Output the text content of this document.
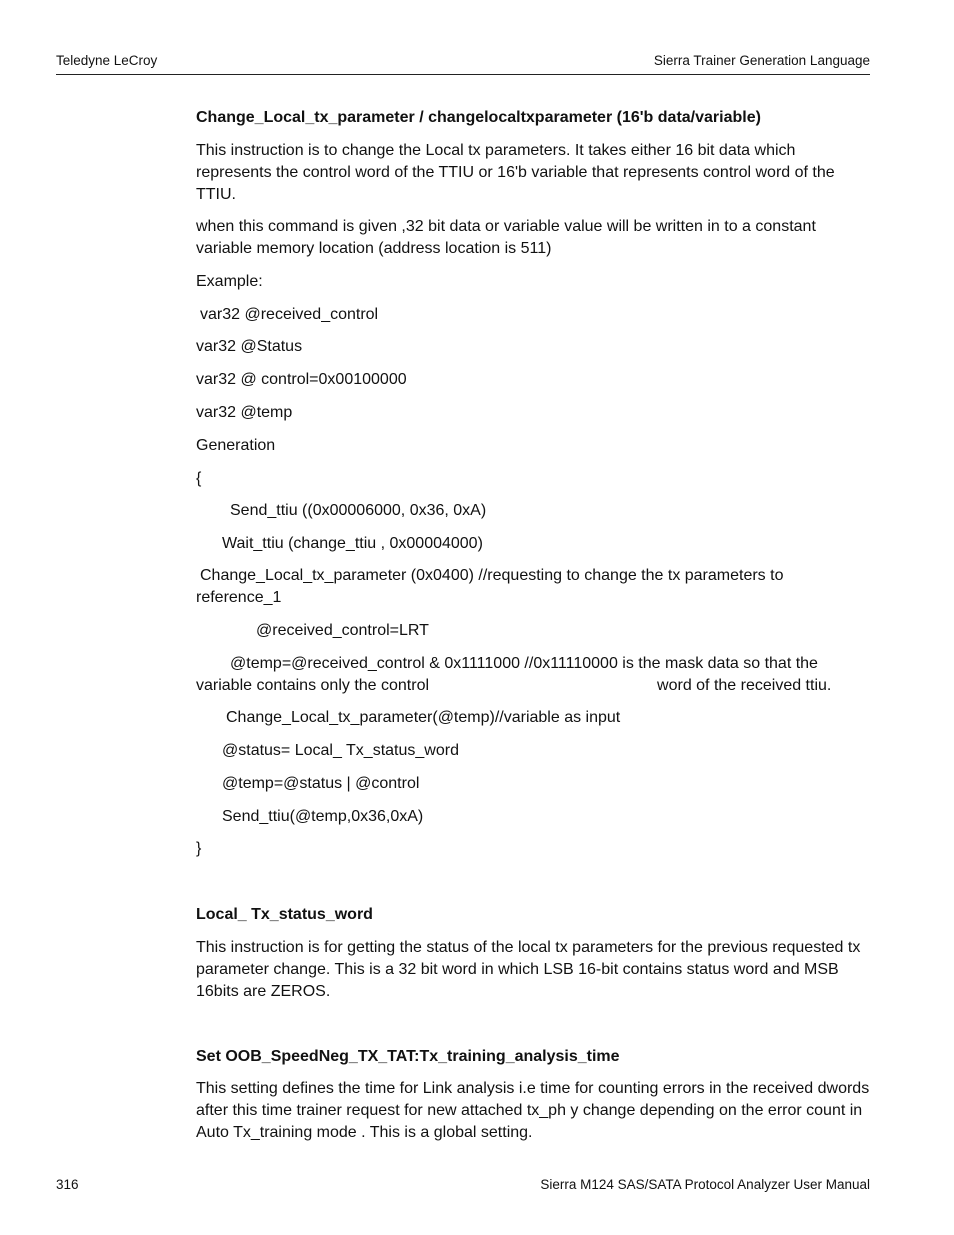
Teledyne LeCroy	Sierra Trainer Generation Language
Change_Local_tx_parameter / changelocaltxparameter (16'b data/variable)
This instruction is to change the Local tx parameters. It takes either 16 bit data which represents the control word of the TTIU or 16'b variable that represents control word of the TTIU.
when this command is given ,32 bit data or variable value will be written in to a constant variable memory location (address location is 511)
Example:
var32 @received_control
var32 @Status
var32 @ control=0x00100000
var32 @temp
Generation
{
Send_ttiu ((0x00006000, 0x36, 0xA)
Wait_ttiu (change_ttiu , 0x00004000)
Change_Local_tx_parameter (0x0400) //requesting to change the tx parameters to reference_1
@received_control=LRT
@temp=@received_control & 0x1111000 //0x11110000 is the mask data so that the
variable contains only the control	word of the received ttiu.
Change_Local_tx_parameter(@temp)//variable as input
@status= Local_ Tx_status_word
@temp=@status | @control
Send_ttiu(@temp,0x36,0xA)
}
Local_ Tx_status_word
This instruction is for getting the status of the local tx parameters for the previous requested tx parameter change. This is a 32 bit word in which LSB 16-bit contains status word and MSB 16bits are ZEROS.
Set OOB_SpeedNeg_TX_TAT:Tx_training_analysis_time
This setting defines the time for Link analysis i.e time for counting errors in the received dwords after this time trainer request for new attached tx_ph y change depending on the error count in Auto Tx_training mode . This is a global setting.
316	Sierra M124 SAS/SATA Protocol Analyzer User Manual
